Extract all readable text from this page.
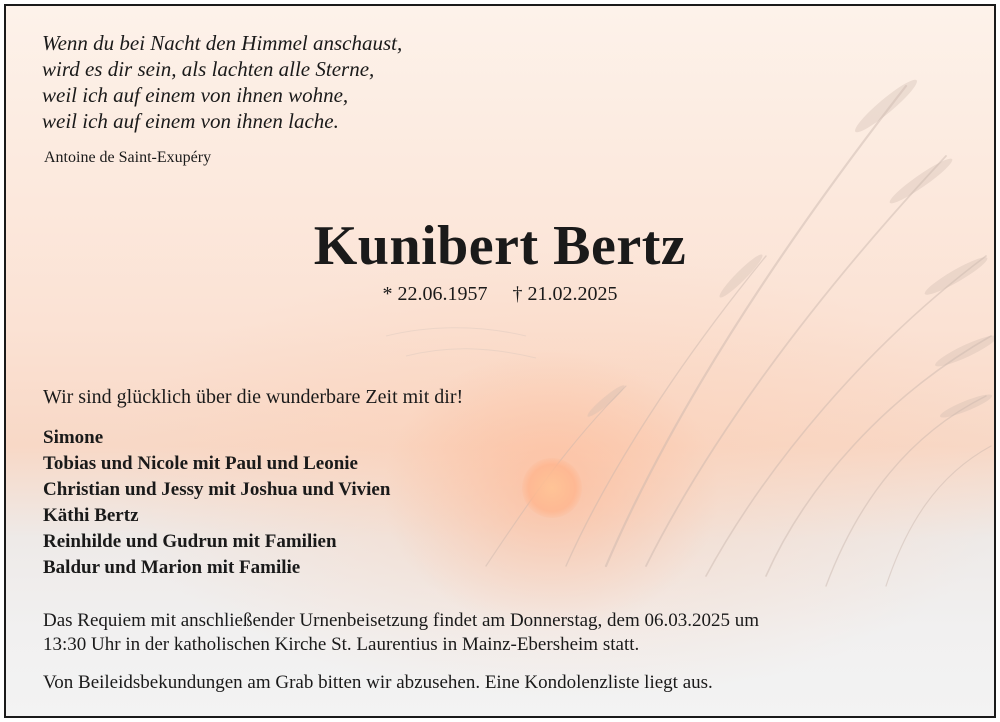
Wenn du bei Nacht den Himmel anschaust,
wird es dir sein, als lachten alle Sterne,
weil ich auf einem von ihnen wohne,
weil ich auf einem von ihnen lache.
Antoine de Saint-Exupéry
Kunibert Bertz
* 22.06.1957 † 21.02.2025
Wir sind glücklich über die wunderbare Zeit mit dir!
Simone
Tobias und Nicole mit Paul und Leonie
Christian und Jessy mit Joshua und Vivien
Käthi Bertz
Reinhilde und Gudrun mit Familien
Baldur und Marion mit Familie
Das Requiem mit anschließender Urnenbeisetzung findet am Donnerstag, dem 06.03.2025 um
13:30 Uhr in der katholischen Kirche St. Laurentius in Mainz-Ebersheim statt.
Von Beileidsbekundungen am Grab bitten wir abzusehen. Eine Kondolenzliste liegt aus.
